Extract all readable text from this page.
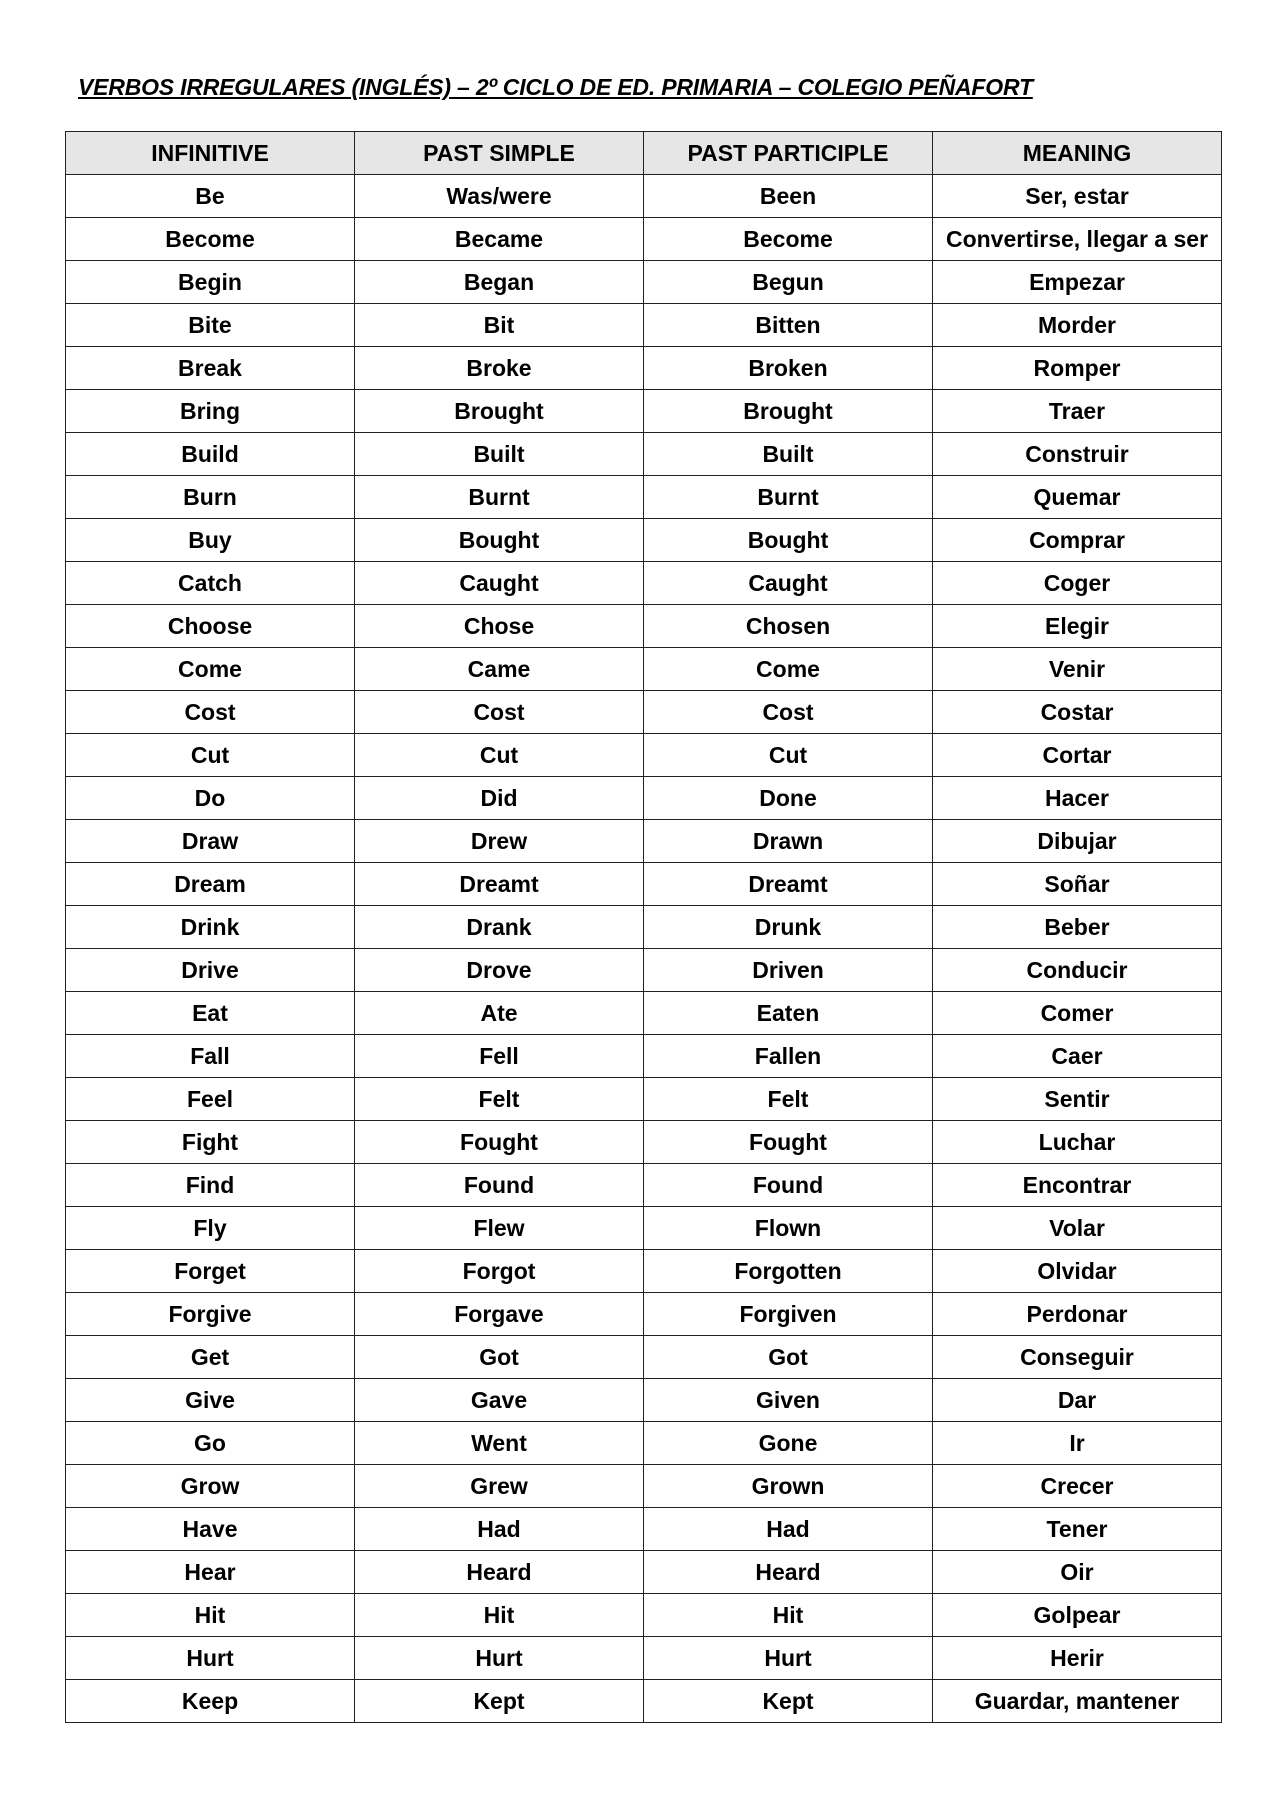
VERBOS IRREGULARES (INGLÉS) – 2º CICLO DE ED. PRIMARIA – COLEGIO PEÑAFORT
INFINITIVE	PAST SIMPLE	PAST PARTICIPLE	MEANING
Be	Was/were	Been	Ser, estar
Become	Became	Become	Convertirse, llegar a ser
Begin	Began	Begun	Empezar
Bite	Bit	Bitten	Morder
Break	Broke	Broken	Romper
Bring	Brought	Brought	Traer
Build	Built	Built	Construir
Burn	Burnt	Burnt	Quemar
Buy	Bought	Bought	Comprar
Catch	Caught	Caught	Coger
Choose	Chose	Chosen	Elegir
Come	Came	Come	Venir
Cost	Cost	Cost	Costar
Cut	Cut	Cut	Cortar
Do	Did	Done	Hacer
Draw	Drew	Drawn	Dibujar
Dream	Dreamt	Dreamt	Soñar
Drink	Drank	Drunk	Beber
Drive	Drove	Driven	Conducir
Eat	Ate	Eaten	Comer
Fall	Fell	Fallen	Caer
Feel	Felt	Felt	Sentir
Fight	Fought	Fought	Luchar
Find	Found	Found	Encontrar
Fly	Flew	Flown	Volar
Forget	Forgot	Forgotten	Olvidar
Forgive	Forgave	Forgiven	Perdonar
Get	Got	Got	Conseguir
Give	Gave	Given	Dar
Go	Went	Gone	Ir
Grow	Grew	Grown	Crecer
Have	Had	Had	Tener
Hear	Heard	Heard	Oir
Hit	Hit	Hit	Golpear
Hurt	Hurt	Hurt	Herir
Keep	Kept	Kept	Guardar, mantener
